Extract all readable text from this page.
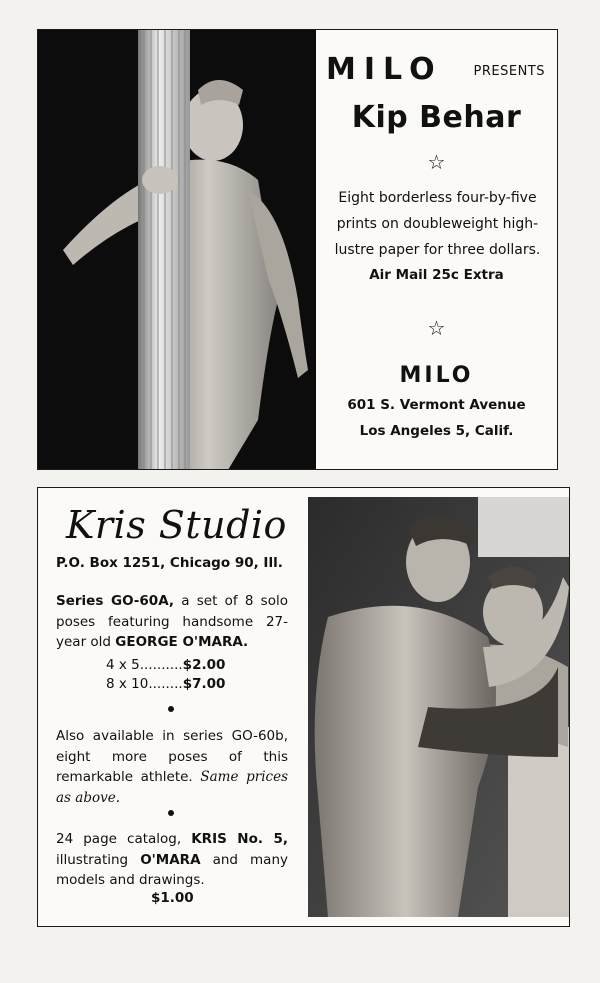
MILO PRESENTS
Kip Behar
☆
Eight borderless four-by-five
prints on doubleweight high-
lustre paper for three dollars.
Air Mail 25c Extra
☆
MILO
601 S. Vermont Avenue
Los Angeles 5, Calif.
Kris Studio
P.O. Box 1251, Chicago 90, Ill.
Series GO-60A, a set of 8 solo poses featuring handsome 27-year old GEORGE O'MARA.
4 x 5..........$2.00
8 x 10........$7.00
Also available in series GO-60b, eight more poses of this remarkable athlete. Same prices as above.
24 page catalog, KRIS No. 5, illustrating O'MARA and many models and drawings.
$1.00
